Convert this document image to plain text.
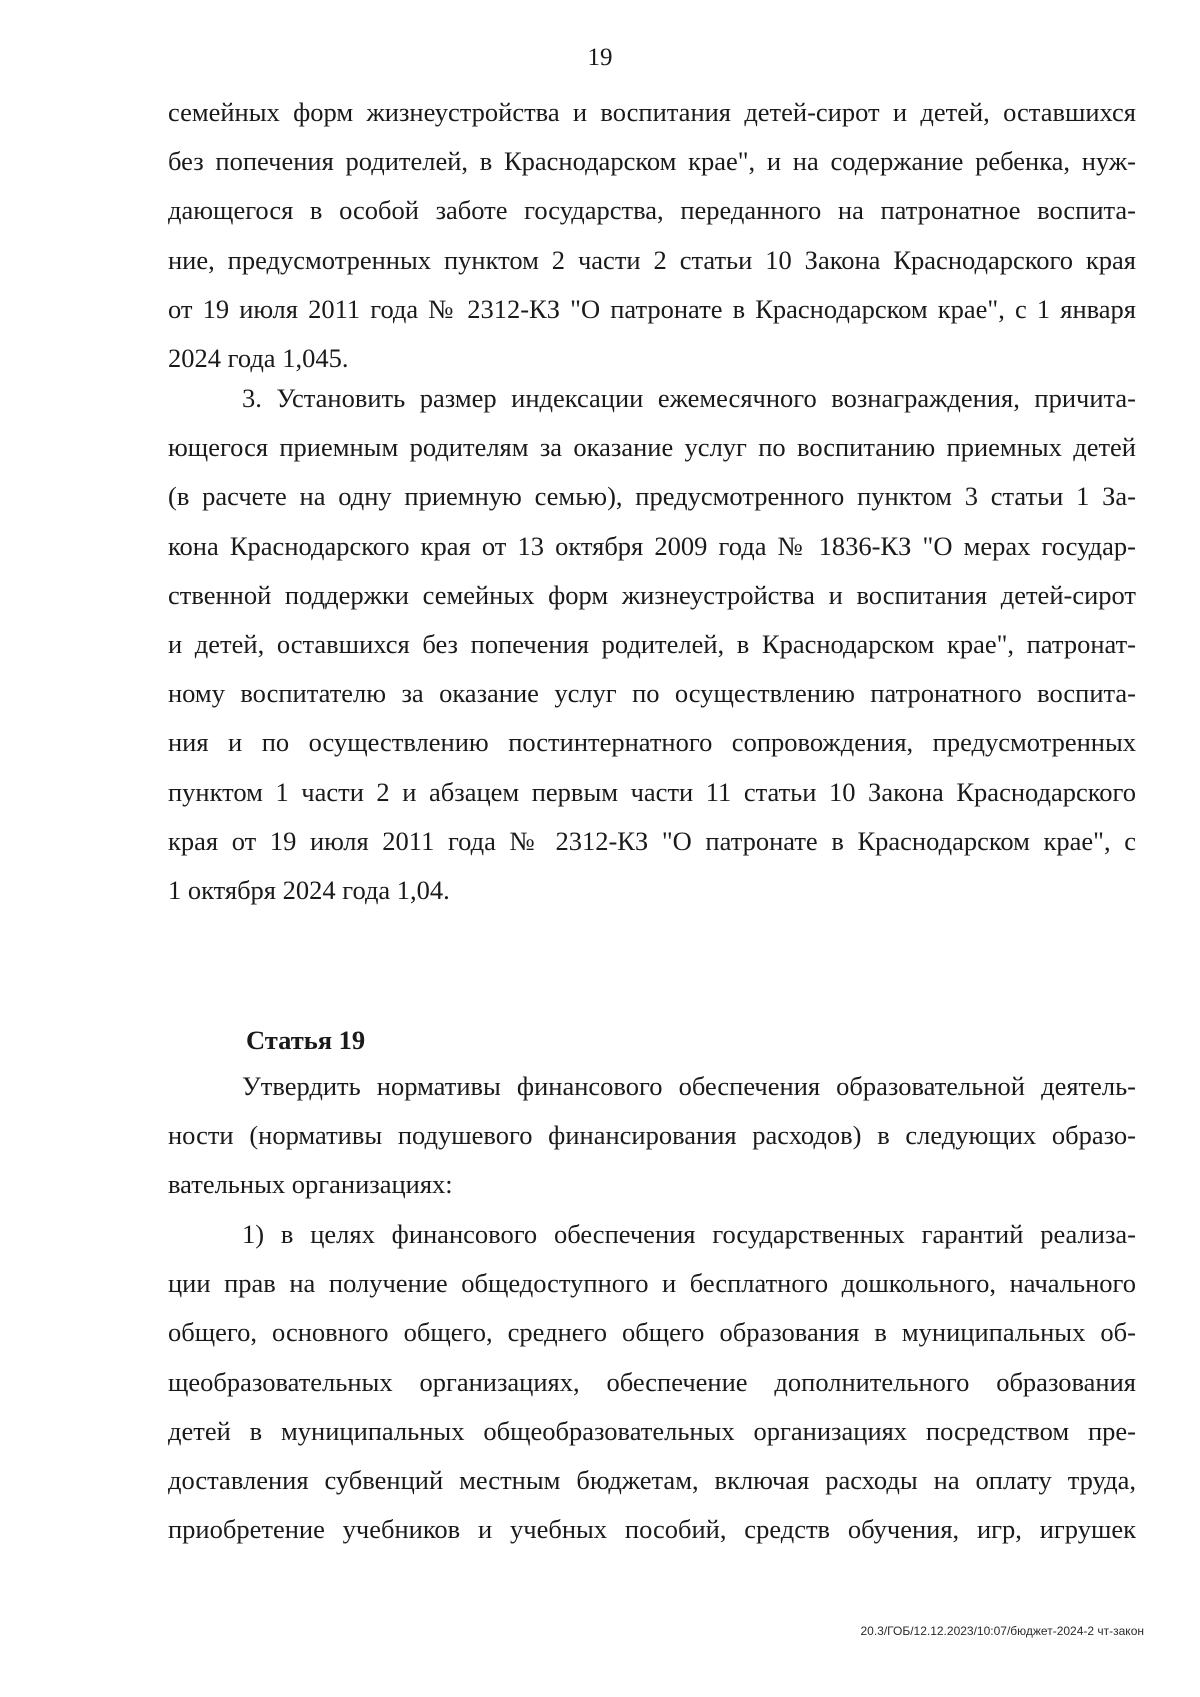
19
семейных форм жизнеустройства и воспитания детей-сирот и детей, оставшихся
без попечения родителей, в Краснодарском крае", и на содержание ребенка, нуж-
дающегося в особой заботе государства, переданного на патронатное воспита-
ние, предусмотренных пунктом 2 части 2 статьи 10 Закона Краснодарского края
от 19 июля 2011 года № 2312-КЗ "О патронате в Краснодарском крае", с 1 января
2024 года 1,045.
3. Установить размер индексации ежемесячного вознаграждения, причита-
ющегося приемным родителям за оказание услуг по воспитанию приемных детей
(в расчете на одну приемную семью), предусмотренного пунктом 3 статьи 1 За-
кона Краснодарского края от 13 октября 2009 года № 1836-КЗ "О мерах государ-
ственной поддержки семейных форм жизнеустройства и воспитания детей-сирот
и детей, оставшихся без попечения родителей, в Краснодарском крае", патронат-
ному воспитателю за оказание услуг по осуществлению патронатного воспита-
ния и по осуществлению постинтернатного сопровождения, предусмотренных
пунктом 1 части 2 и абзацем первым части 11 статьи 10 Закона Краснодарского
края от 19 июля 2011 года № 2312-КЗ "О патронате в Краснодарском крае", с
1 октября 2024 года 1,04.
Статья 19
Утвердить нормативы финансового обеспечения образовательной деятель-
ности (нормативы подушевого финансирования расходов) в следующих образо-
вательных организациях:
1) в целях финансового обеспечения государственных гарантий реализа-
ции прав на получение общедоступного и бесплатного дошкольного, начального
общего, основного общего, среднего общего образования в муниципальных об-
щеобразовательных организациях, обеспечение дополнительного образования
детей в муниципальных общеобразовательных организациях посредством пре-
доставления субвенций местным бюджетам, включая расходы на оплату труда,
приобретение учебников и учебных пособий, средств обучения, игр, игрушек
20.3/ГОБ/12.12.2023/10:07/бюджет-2024-2 чт-закон
